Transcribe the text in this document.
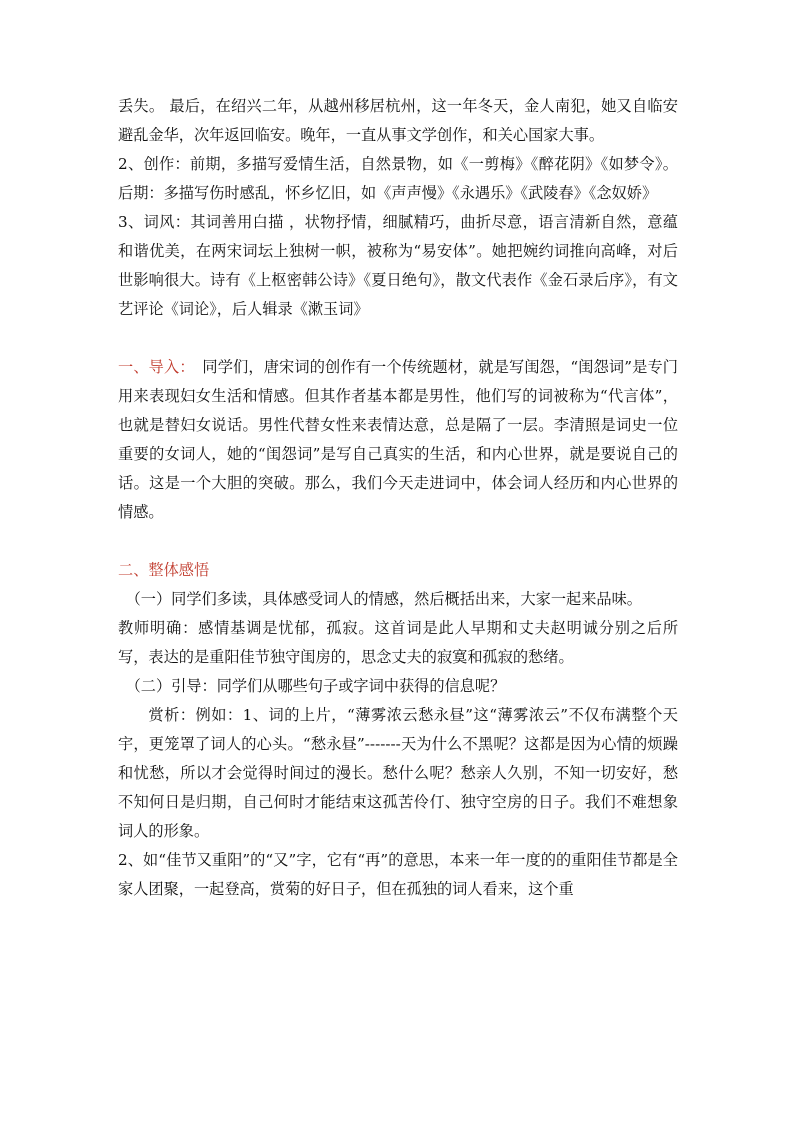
丢失。 最后，在绍兴二年，从越州移居杭州，这一年冬天，金人南犯，她又自临安避乱金华，次年返回临安。晚年，一直从事文学创作，和关心国家大事。

2、创作：前期，多描写爱情生活，自然景物，如《一剪梅》《醉花阴》《如梦令》。后期：多描写伤时感乱，怀乡忆旧，如《声声慢》《永遇乐》《武陵春》《念奴娇》

3、词风：其词善用白描 ，状物抒情，细腻精巧，曲折尽意，语言清新自然，意蕴和谐优美，在两宋词坛上独树一帜，被称为“易安体”。她把婉约词推向高峰，对后世影响很大。诗有《上枢密韩公诗》《夏日绝句》，散文代表作《金石录后序》，有文艺评论《词论》，后人辑录《漱玉词》

一、导入：　同学们，唐宋词的创作有一个传统题材，就是写闺怨，“闺怨词”是专门用来表现妇女生活和情感。但其作者基本都是男性，他们写的词被称为“代言体”，也就是替妇女说话。男性代替女性来表情达意，总是隔了一层。李清照是词史一位重要的女词人，她的“闺怨词”是写自己真实的生活，和内心世界，就是要说自己的话。这是一个大胆的突破。那么，我们今天走进词中，体会词人经历和内心世界的情感。

二、整体感悟

（一）同学们多读，具体感受词人的情感，然后概括出来，大家一起来品味。

教师明确：感情基调是忧郁，孤寂。这首词是此人早期和丈夫赵明诚分别之后所写，表达的是重阳佳节独守闺房的，思念丈夫的寂寞和孤寂的愁绪。

（二）引导：同学们从哪些句子或字词中获得的信息呢？

赏析：例如：1、词的上片，“薄雾浓云愁永昼”这“薄雾浓云”不仅布满整个天宇，更笼罩了词人的心头。“愁永昼”-------天为什么不黑呢？这都是因为心情的烦躁和忧愁，所以才会觉得时间过的漫长。愁什么呢？愁亲人久别，不知一切安好，愁不知何日是归期，自己何时才能结束这孤苦伶仃、独守空房的日子。我们不难想象词人的形象。

2、如“佳节又重阳”的“又”字，它有“再”的意思，本来一年一度的的重阳佳节都是全家人团聚，一起登高，赏菊的好日子，但在孤独的词人看来，这个重
